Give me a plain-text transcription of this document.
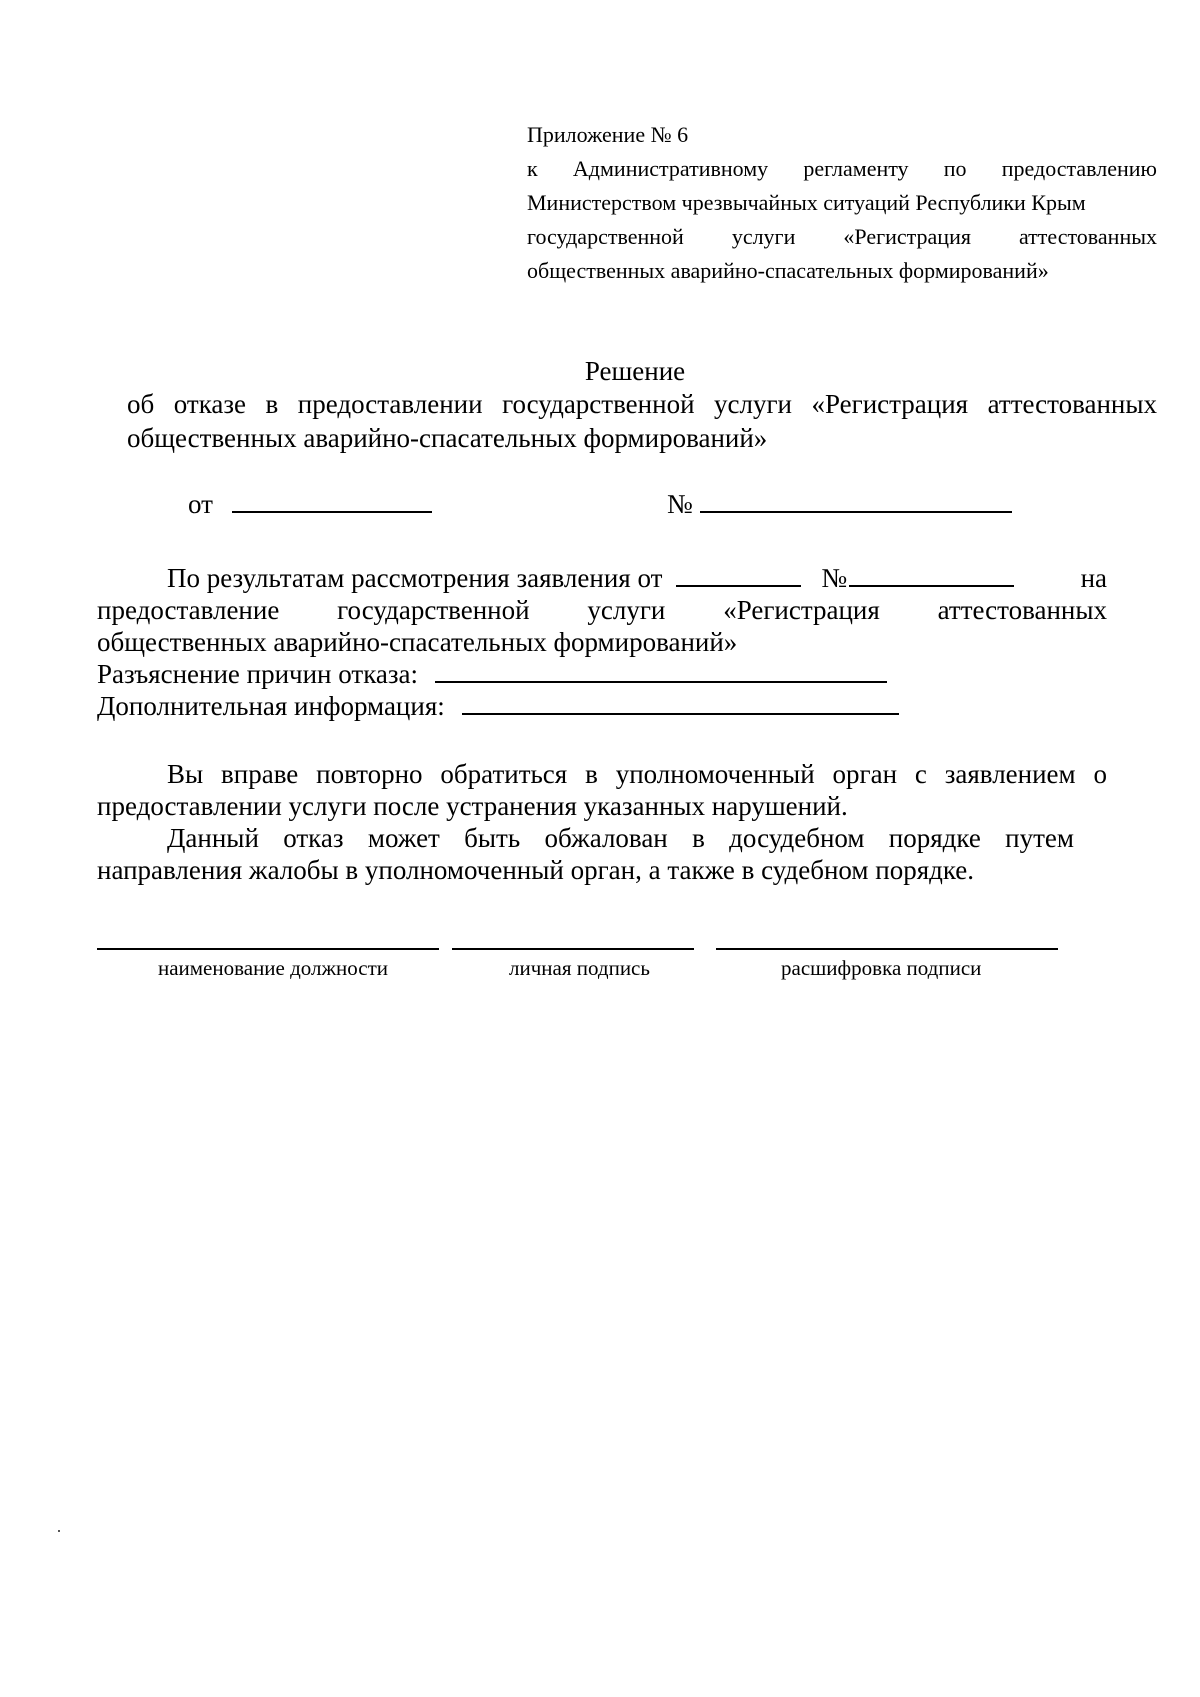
Приложение № 6
к Административному регламенту по предоставлению
Министерством чрезвычайных ситуаций Республики Крым
государственной услуги «Регистрация аттестованных
общественных аварийно-спасательных формирований»
Решение
об отказе в предоставлении государственной услуги «Регистрация аттестованных
общественных аварийно-спасательных формирований»
от	№
По результатам рассмотрения заявления от	№	на
предоставление государственной услуги «Регистрация аттестованных
общественных аварийно-спасательных формирований»
Разъяснение причин отказа:
Дополнительная информация:
Вы вправе повторно обратиться в уполномоченный орган с заявлением о предоставлении услуги после устранения указанных нарушений.
Данный отказ может быть обжалован в досудебном порядке путем направления жалобы в уполномоченный орган, а также в судебном порядке.
наименование должности	личная подпись	расшифровка подписи
